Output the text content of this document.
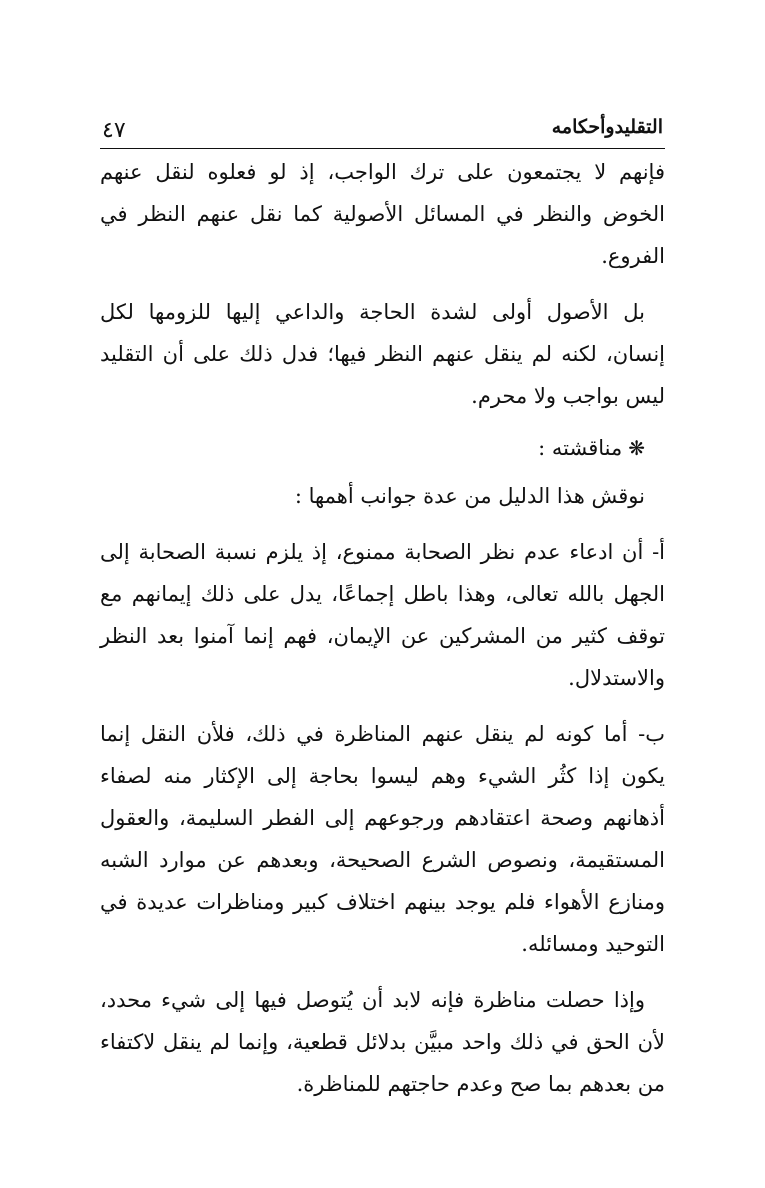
التقليدوأحكامه
٤٧

فإنهم لا يجتمعون على ترك الواجب، إذ لو فعلوه لنقل عنهم الخوض والنظر في المسائل الأصولية كما نقل عنهم النظر في الفروع.

بل الأصول أولى لشدة الحاجة والداعي إليها للزومها لكل إنسان، لكنه لم ينقل عنهم النظر فيها؛ فدل ذلك على أن التقليد ليس بواجب ولا محرم.

❋مناقشته :

نوقش هذا الدليل من عدة جوانب أهمها :

أ- أن ادعاء عدم نظر الصحابة ممنوع، إذ يلزم نسبة الصحابة إلى الجهل بالله تعالى، وهذا باطل إجماعًا، يدل على ذلك إيمانهم مع توقف كثير من المشركين عن الإيمان، فهم إنما آمنوا بعد النظر والاستدلال.

ب- أما كونه لم ينقل عنهم المناظرة في ذلك، فلأن النقل إنما يكون إذا كثُر الشيء وهم ليسوا بحاجة إلى الإكثار منه لصفاء أذهانهم وصحة اعتقادهم ورجوعهم إلى الفطر السليمة، والعقول المستقيمة، ونصوص الشرع الصحيحة، وبعدهم عن موارد الشبه ومنازع الأهواء فلم يوجد بينهم اختلاف كبير ومناظرات عديدة في التوحيد ومسائله.

وإذا حصلت مناظرة فإنه لابد أن يُتوصل فيها إلى شيء محدد، لأن الحق في ذلك واحد مبيَّن بدلائل قطعية، وإنما لم ينقل لاكتفاء من بعدهم بما صح وعدم حاجتهم للمناظرة.
